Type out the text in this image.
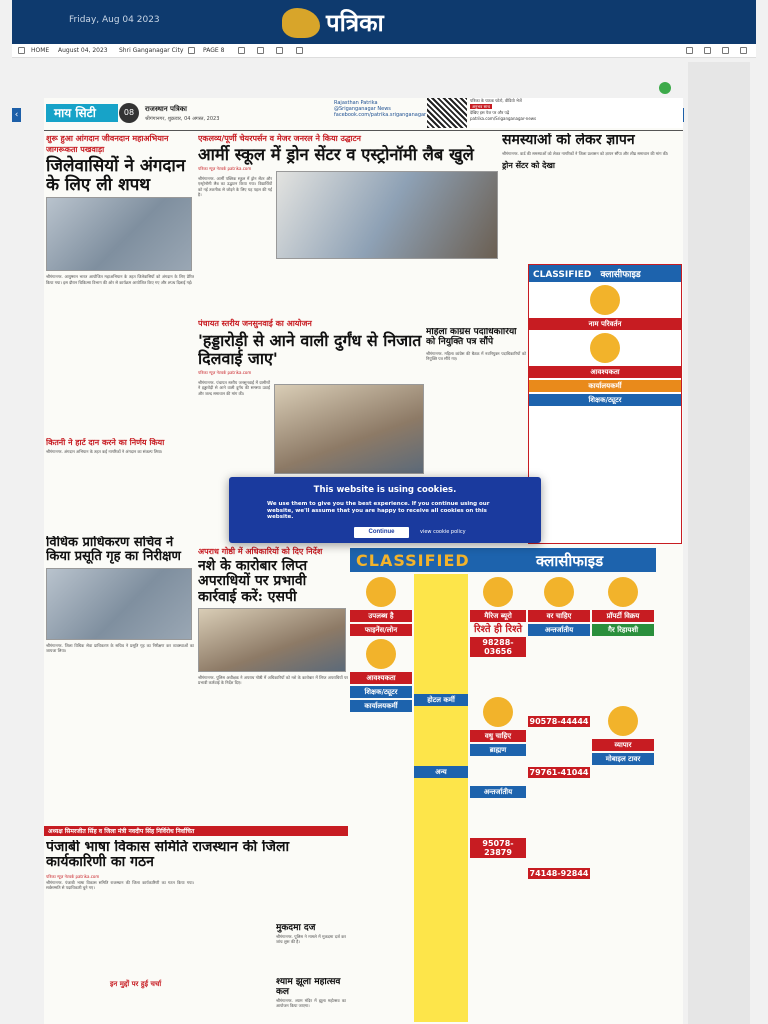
Friday, Aug 04 2023	पत्रिका
HOME August 04, 2023 Shri Ganganagar City	PAGE 8
‹	माय सिटी	08	राजस्थान पत्रिका
श्रीगंगानगर, शुक्रवार, 04 अगस्त, 2023
Rajasthan Patrika
@Sriganganagar News
facebook.com/patrika.sriganganagar
पत्रिका के पाठक फोटो, वीडियो भेजें
अनुभव साथ
देखिए इस पेज पर और पढ़ें
patrika.com/Sriganganagar-news
शुरू हुआ आंगदान जीवनदान महाअभियान
जागरूकता पखवाड़ा
जिलेवासियों ने अंगदान के लिए ली शपथ
श्रीगंगानगर. आयुष्मान भारत आयोजित महाअभियान के तहत जिलेवासियों को अंगदान के लिए प्रेरित किया गया। इस दौरान चिकित्सा विभाग की ओर से कार्यक्रम आयोजित किए गए और शपथ दिलाई गई।
एकलव्य/पूर्णी चेयरपर्सन व मेजर जनरल ने किया उद्घाटन
आर्मी स्कूल में ड्रोन सेंटर व एस्ट्रोनॉमी लैब खुले
पत्रिका न्यूज़ नेटवर्क patrika.com
श्रीगंगानगर. आर्मी पब्लिक स्कूल में ड्रोन सेंटर और एस्ट्रोनॉमी लैब का उद्घाटन किया गया। विद्यार्थियों को नई तकनीक से जोड़ने के लिए यह पहल की गई है।
समस्याओं को लेकर ज्ञापन
श्रीगंगानगर. वार्ड की समस्याओं को लेकर नागरिकों ने जिला प्रशासन को ज्ञापन सौंपा और शीघ्र समाधान की मांग की।
ड्रोन सेंटर को देखा
CLASSIFIED क्लासीफाइड
नाम परिवर्तन
आवश्यकता
कार्यालयकर्मी
शिक्षक/ट्यूटर
महिला कांग्रेस पदाधिकारियों को नियुक्ति पत्र सौंपे
श्रीगंगानगर. महिला कांग्रेस की बैठक में नवनियुक्त पदाधिकारियों को नियुक्ति पत्र सौंपे गए।
पंचायत स्तरीय जनसुनवाई का आयोजन
'हड्डारोड़ी से आने वाली दुर्गंध से निजात दिलवाई जाए'
पत्रिका न्यूज़ नेटवर्क patrika.com
श्रीगंगानगर. पंचायत स्तरीय जनसुनवाई में ग्रामीणों ने हड्डारोड़ी से आने वाली दुर्गंध की समस्या उठाई और जल्द समाधान की मांग की।
कितनी ने हार्ट दान करने का निर्णय किया
श्रीगंगानगर. अंगदान अभियान के तहत कई नागरिकों ने अंगदान का संकल्प लिया।
विधिक प्राधिकरण सचिव ने किया प्रसूति गृह का निरीक्षण
श्रीगंगानगर. जिला विधिक सेवा प्राधिकरण के सचिव ने प्रसूति गृह का निरीक्षण कर व्यवस्थाओं का जायजा लिया।
अपराध गोष्ठी में अधिकारियों को दिए निर्देश
नशे के कारोबार लिप्त अपराधियों पर प्रभावी कार्रवाई करें: एसपी
श्रीगंगानगर. पुलिस अधीक्षक ने अपराध गोष्ठी में अधिकारियों को नशे के कारोबार में लिप्त अपराधियों पर प्रभावी कार्रवाई के निर्देश दिए।
CLASSIFIED	क्लासीफाइड
उपलब्ध है
फाइनेंस/लोन
आवश्यकता
शिक्षक/ट्यूटर
कार्यालयकर्मी
होटल कर्मी
अन्य
मैरिज ब्यूरो
रिश्ते ही रिश्ते
98288-03656
वधु चाहिए
ब्राह्मण
अन्तर्जातीय
95078-23879
वर चाहिए
अन्तर्जातीय
90578-44444
79761-41044
74148-92844
प्रॉपर्टी विक्रय
गैर रिहायशी
व्यापार
मोबाइल टावर
अध्यक्ष सिमरजीत सिंह व जिला मंत्री नवदीप सिंह निर्विरोध निर्वाचित
पंजाबी भाषा विकास समिति राजस्थान की जिला कार्यकारिणी का गठन
पत्रिका न्यूज़ नेटवर्क patrika.com
श्रीगंगानगर. पंजाबी भाषा विकास समिति राजस्थान की जिला कार्यकारिणी का गठन किया गया। सर्वसम्मति से पदाधिकारी चुने गए।
इन मुद्दों पर हुई चर्चा
मुकदमा दर्ज
श्रीगंगानगर. पुलिस ने मामले में मुकदमा दर्ज कर जांच शुरू की है।
श्याम झूला महोत्सव कल
श्रीगंगानगर. श्याम मंदिर में झूला महोत्सव का आयोजन किया जाएगा।
This website is using cookies.
We use them to give you the best experience. If you continue using our website, we'll assume that you are happy to receive all cookies on this website.
Continue	view cookie policy
